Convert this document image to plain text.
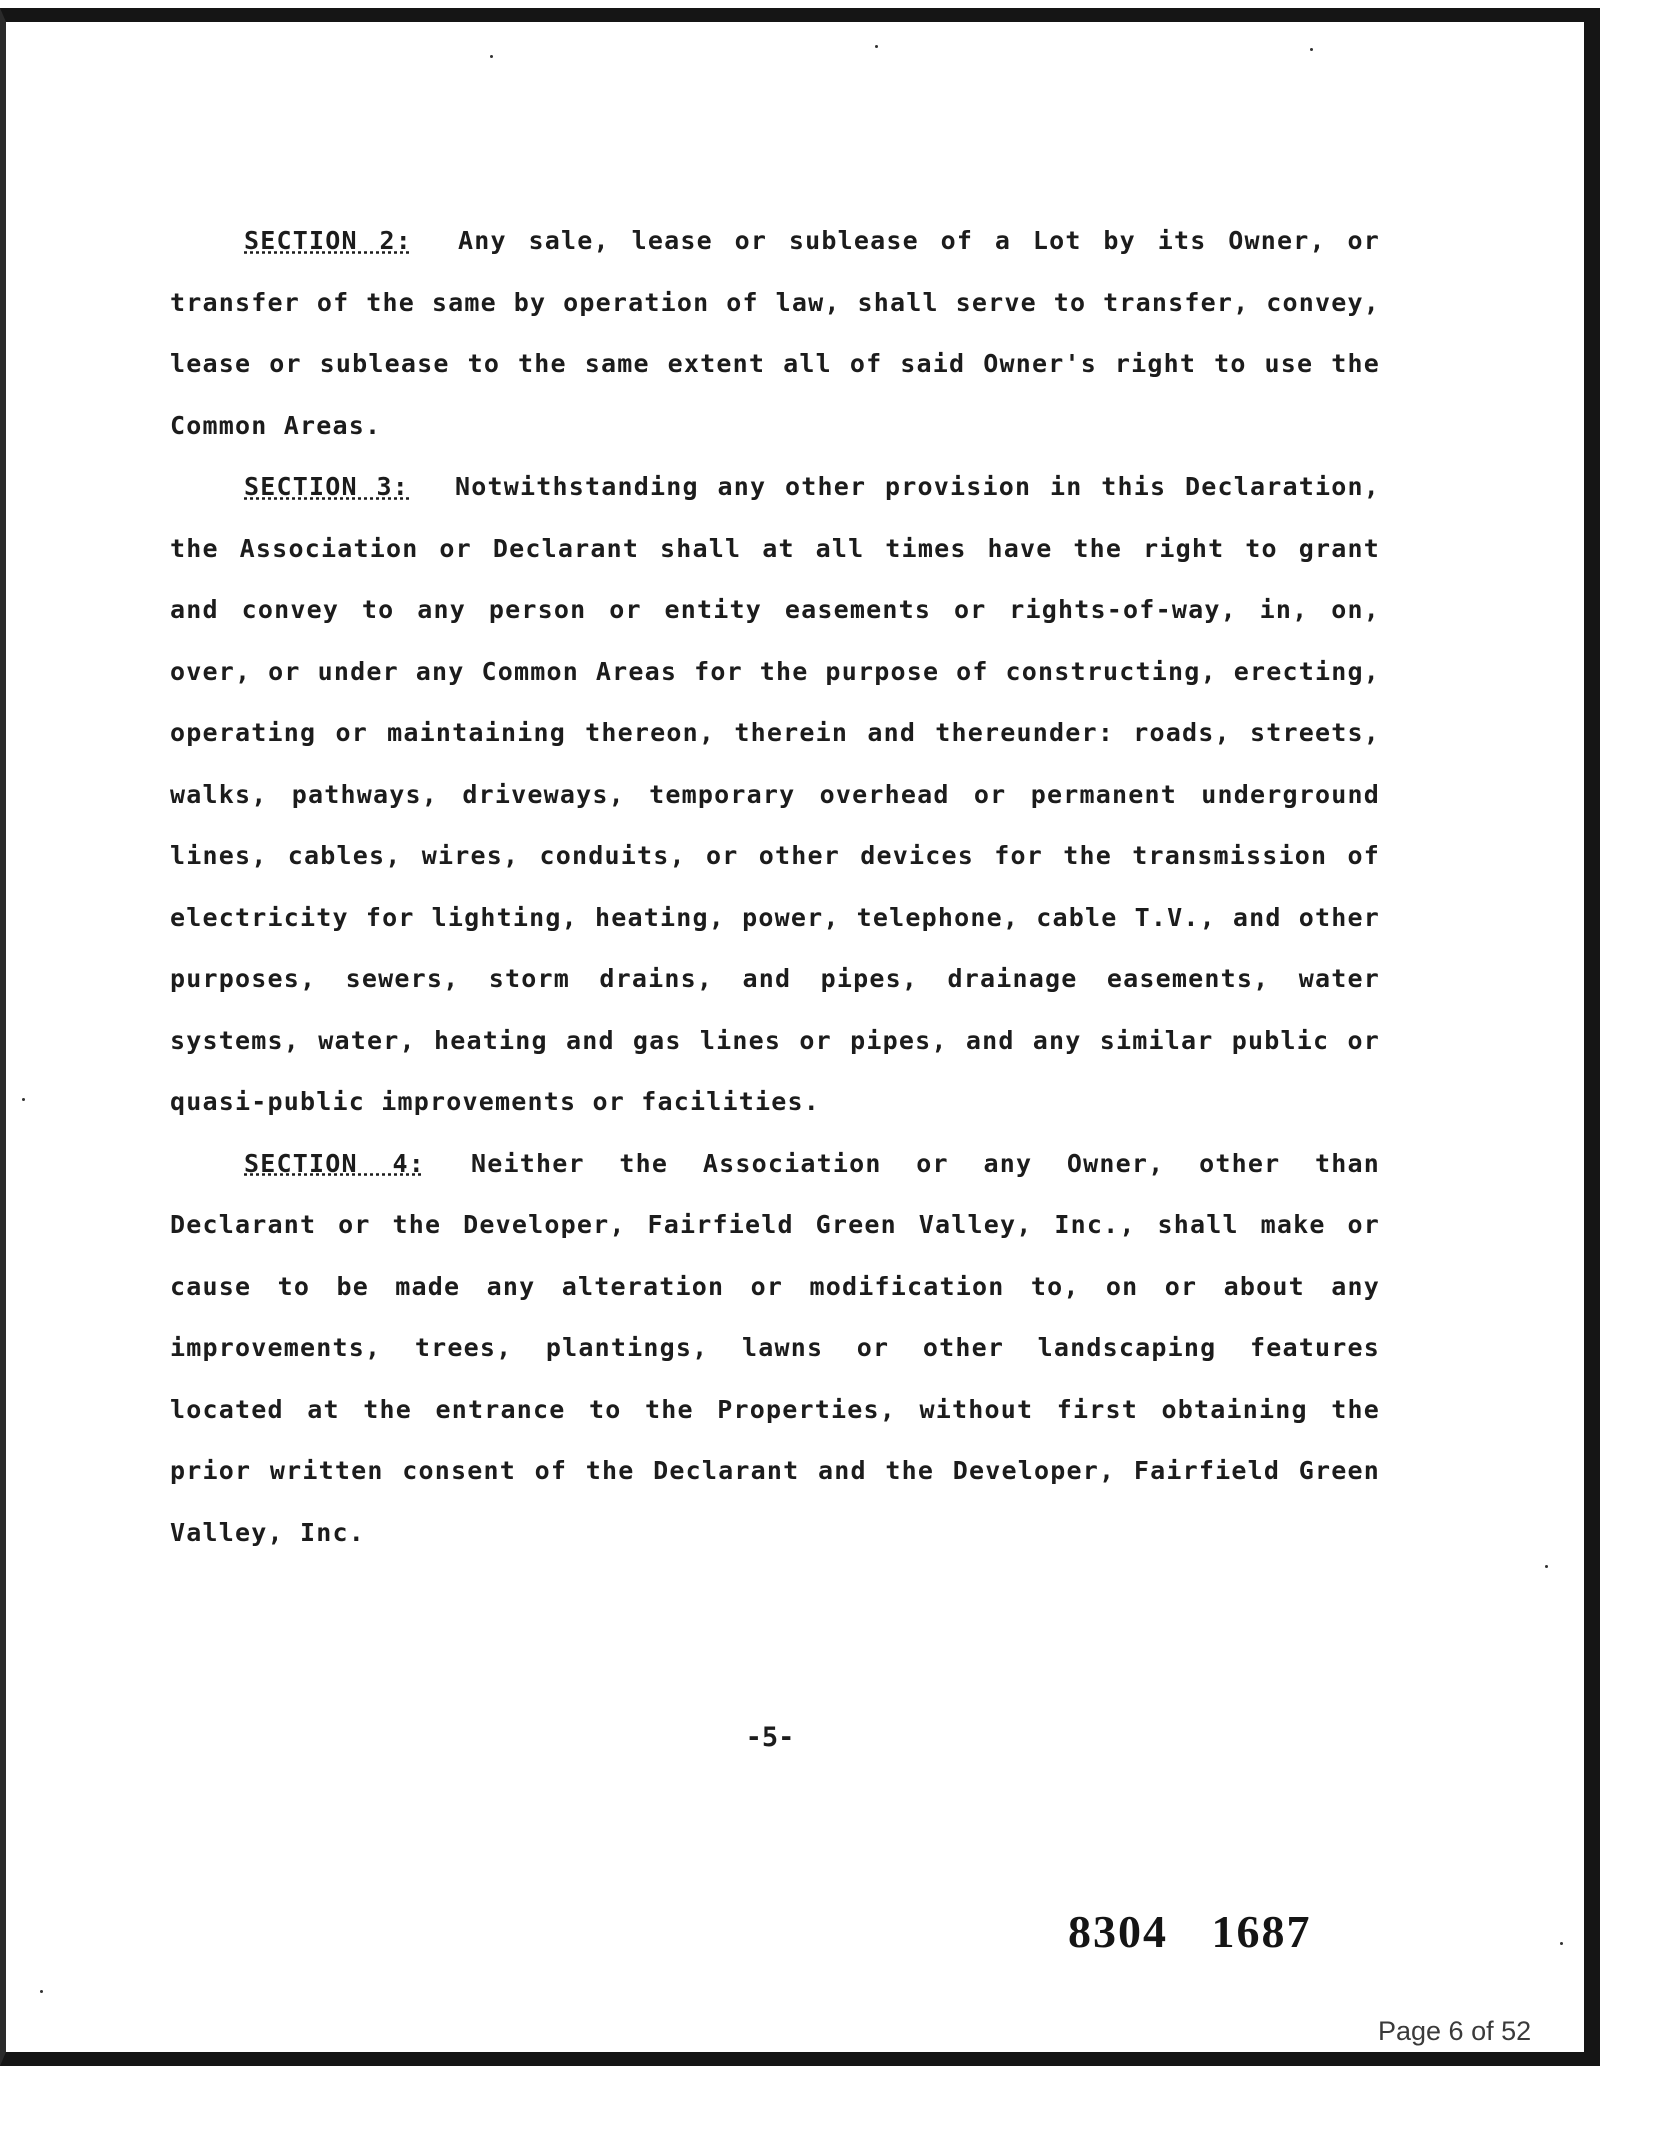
SECTION 2: Any sale, lease or sublease of a Lot by its Owner, or transfer of the same by operation of law, shall serve to transfer, convey, lease or sublease to the same extent all of said Owner's right to use the Common Areas.

SECTION 3: Notwithstanding any other provision in this Declaration, the Association or Declarant shall at all times have the right to grant and convey to any person or entity easements or rights-of-way, in, on, over, or under any Common Areas for the purpose of constructing, erecting, operating or maintaining thereon, therein and thereunder: roads, streets, walks, pathways, driveways, temporary overhead or permanent underground lines, cables, wires, conduits, or other devices for the transmission of electricity for lighting, heating, power, telephone, cable T.V., and other purposes, sewers, storm drains, and pipes, drainage easements, water systems, water, heating and gas lines or pipes, and any similar public or quasi-public improvements or facilities.

SECTION 4: Neither the Association or any Owner, other than Declarant or the Developer, Fairfield Green Valley, Inc., shall make or cause to be made any alteration or modification to, on or about any improvements, trees, plantings, lawns or other landscaping features located at the entrance to the Properties, without first obtaining the prior written consent of the Declarant and the Developer, Fairfield Green Valley, Inc.

-5-
8304 1687
Page 6 of 52
